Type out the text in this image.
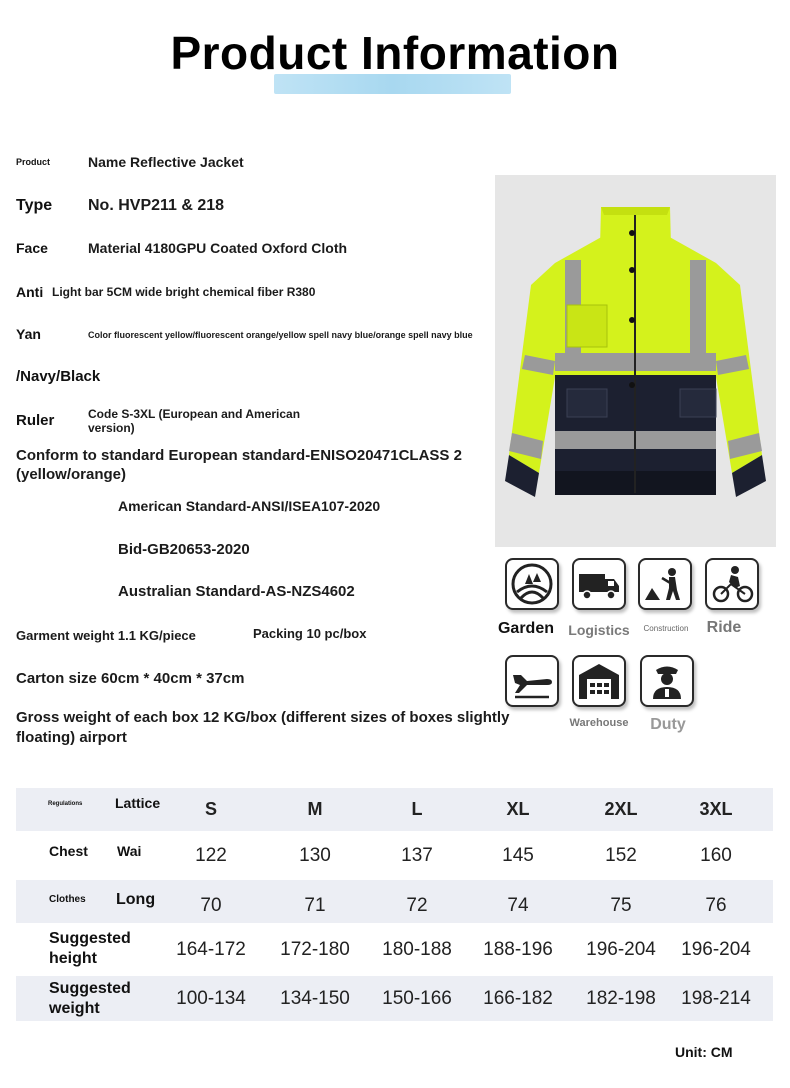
Product Information
Product	Name Reflective Jacket
Type No. HVP211 & 218
Face	Material 4180GPU Coated Oxford Cloth
Anti Light bar 5CM wide bright chemical fiber R380
Yan	Color fluorescent yellow/fluorescent orange/yellow spell navy blue/orange spell navy blue
/Navy/Black
Ruler	Code S-3XL (European and American version)
Conform to standard European standard-ENISO20471CLASS 2 (yellow/orange)
American Standard-ANSI/ISEA107-2020
Bid-GB20653-2020
Australian Standard-AS-NZS4602
Garment weight 1.1 KG/piece	Packing 10 pc/box
Carton size 60cm * 40cm * 37cm
Gross weight of each box 12 KG/box (different sizes of boxes slightly floating) airport
Garden Logistics	Construction	Ride
Warehouse	Duty
Regulations Lattice	S	M	L	XL	2XL	3XL
Chest Wai	122	130	137	145	152	160
Clothes Long	70	71	72	74	75	76
Suggested height	164-172	172-180	180-188	188-196	196-204	196-204
Suggested weight	100-134	134-150	150-166	166-182	182-198	198-214
Unit: CM
